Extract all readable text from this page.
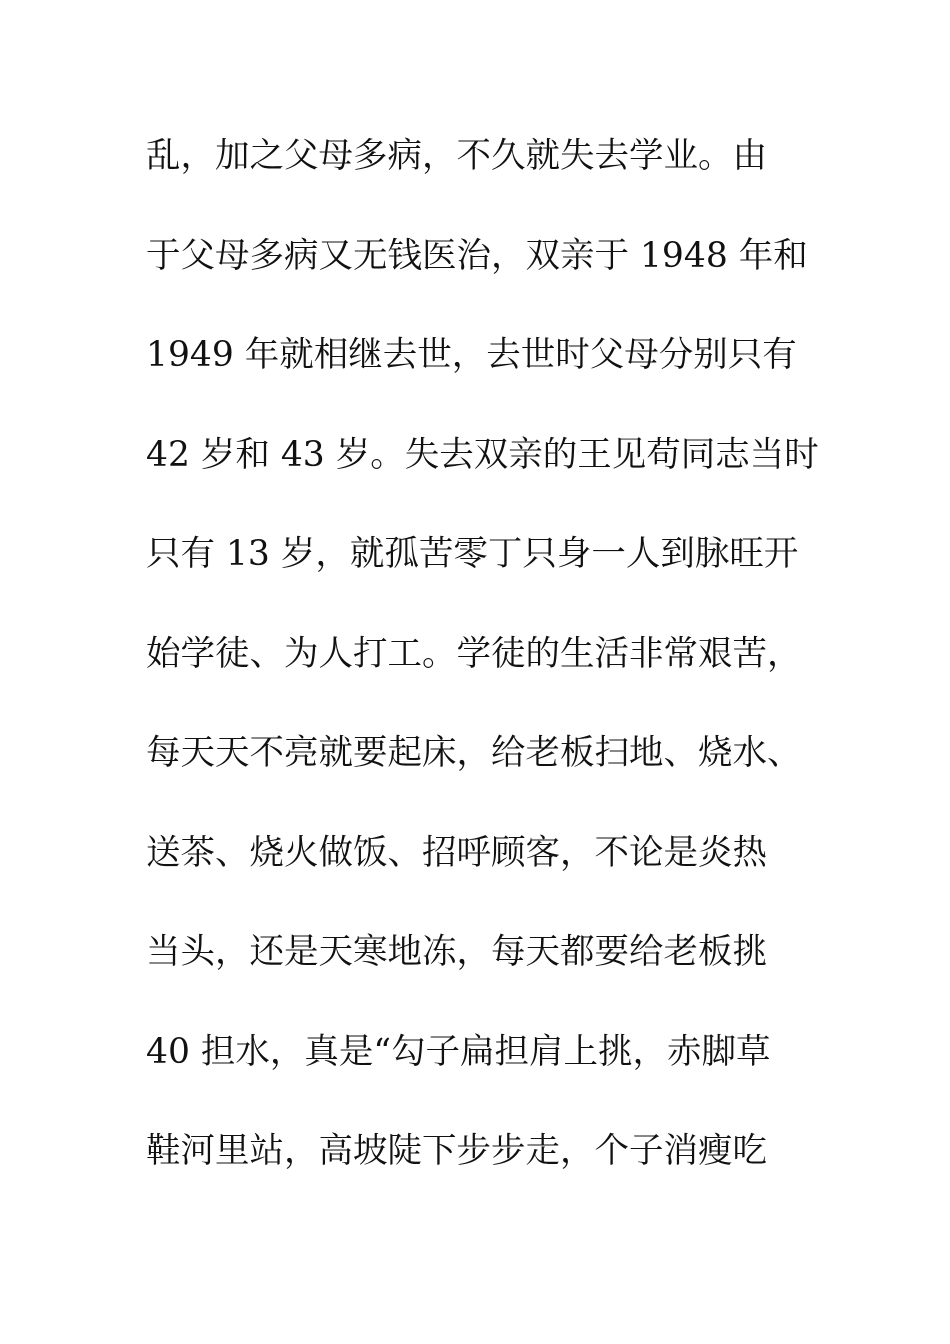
乱，加之父母多病，不久就失去学业。由
于父母多病又无钱医治，双亲于 1948 年和
1949 年就相继去世，去世时父母分别只有
42 岁和 43 岁。失去双亲的王见苟同志当时
只有 13 岁，就孤苦零丁只身一人到脉旺开
始学徒、为人打工。学徒的生活非常艰苦，
每天天不亮就要起床，给老板扫地、烧水、
送茶、烧火做饭、招呼顾客，不论是炎热
当头，还是天寒地冻，每天都要给老板挑
40 担水，真是“勾子扁担肩上挑，赤脚草
鞋河里站，高坡陡下步步走，个子消瘦吃
